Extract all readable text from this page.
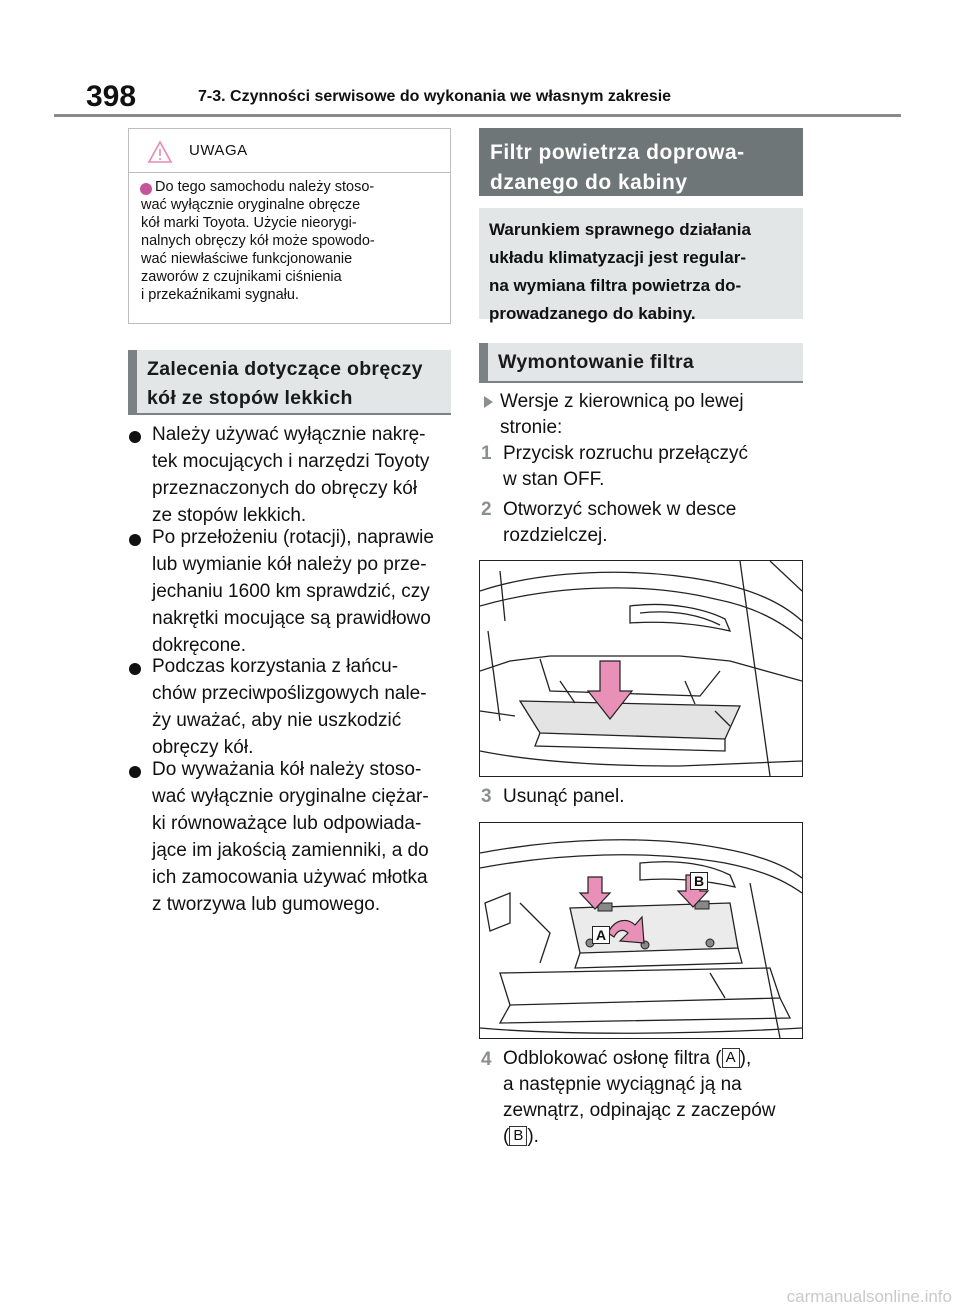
398	7-3. Czynności serwisowe do wykonania we własnym zakresie
UWAGA
Do tego samochodu należy stoso-
wać wyłącznie oryginalne obręcze
kół marki Toyota. Użycie nieorygi-
nalnych obręczy kół może spowodo-
wać niewłaściwe funkcjonowanie
zaworów z czujnikami ciśnienia
i przekaźnikami sygnału.
Zalecenia dotyczące obręczy
kół ze stopów lekkich
Należy używać wyłącznie nakrę-
tek mocujących i narzędzi Toyoty
przeznaczonych do obręczy kół
ze stopów lekkich.
Po przełożeniu (rotacji), naprawie
lub wymianie kół należy po prze-
jechaniu 1600 km sprawdzić, czy
nakrętki mocujące są prawidłowo
dokręcone.
Podczas korzystania z łańcu-
chów przeciwpoślizgowych nale-
ży uważać, aby nie uszkodzić
obręczy kół.
Do wyważania kół należy stoso-
wać wyłącznie oryginalne ciężar-
ki równoważące lub odpowiada-
jące im jakością zamienniki, a do
ich zamocowania używać młotka
z tworzywa lub gumowego.
Filtr powietrza doprowa-
dzanego do kabiny
Warunkiem sprawnego działania
układu klimatyzacji jest regular-
na wymiana filtra powietrza do-
prowadzanego do kabiny.
Wymontowanie filtra
Wersje z kierownicą po lewej
stronie:
1 Przycisk rozruchu przełączyć
w stan OFF.
2 Otworzyć schowek w desce
rozdzielczej.
3 Usunąć panel.
4 Odblokować osłonę filtra ( A ),
a następnie wyciągnąć ją na
zewnątrz, odpinając z zaczepów
( B ).
A
B
carmanualsonline.info
